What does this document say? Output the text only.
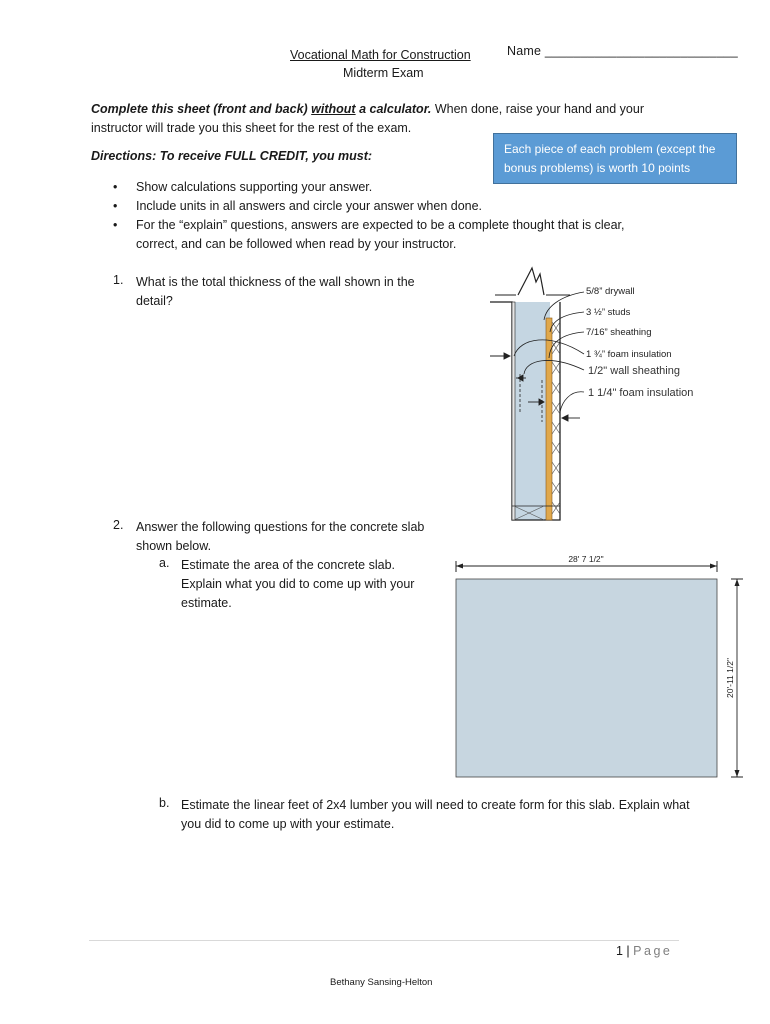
Vocational Math for Construction
Midterm Exam
Name ___________________________
Complete this sheet (front and back) without a calculator. When done, raise your hand and your instructor will trade you this sheet for the rest of the exam.
Directions: To receive FULL CREDIT, you must:	Each piece of each problem (except the bonus problems) is worth 10 points
• Show calculations supporting your answer.
• Include units in all answers and circle your answer when done.
• For the “explain” questions, answers are expected to be a complete thought that is clear, correct, and can be followed when read by your instructor.
1. What is the total thickness of the wall shown in the detail?
5/8” drywall
3 ½” studs
7/16” sheathing
1 ¾” foam insulation
1/2" wall sheathing
1 1/4" foam insulation
2. Answer the following questions for the concrete slab shown below.
a. Estimate the area of the concrete slab. Explain what you did to come up with your estimate.
28' 7 1/2"
20'-11 1/2"
b. Estimate the linear feet of 2x4 lumber you will need to create form for this slab. Explain what you did to come up with your estimate.
1 | Page
Bethany Sansing-Helton
